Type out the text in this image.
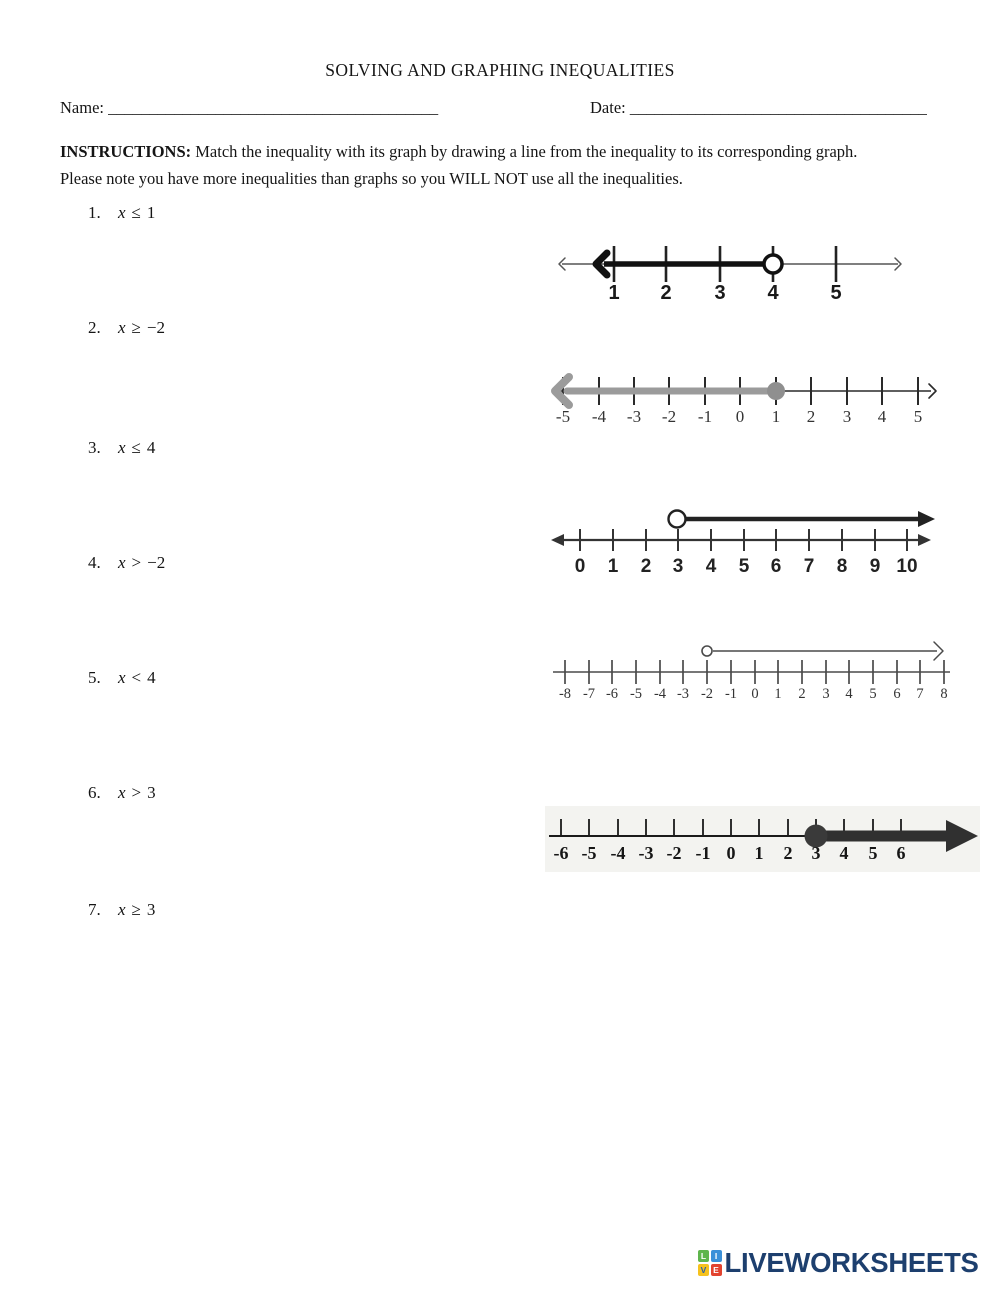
SOLVING AND GRAPHING INEQUALITIES
Name: ________________________________________	Date: ____________________________________
INSTRUCTIONS: Match the inequality with its graph by drawing a line from the inequality to its corresponding graph.
Please note you have more inequalities than graphs so you WILL NOT use all the inequalities.
1. x ≤ 1
2. x ≥ −2
3. x ≤ 4
4. x > −2
5. x < 4
6. x > 3
7. x ≥ 3
1 2 3 4	5
-5 -4 -3 -2 -1 0 1 2 3 4 5
0 1 2 3 4 5 6 7 8 9 10
-8 -7 -6 -5 -4 -3 -2 -1 0 1 2 3 4 5 6 7 8
-6 -5 -4 -3 -2 -1 0 1 2 3 4 5 6
L	I
V E LIVEWORKSHEETS
